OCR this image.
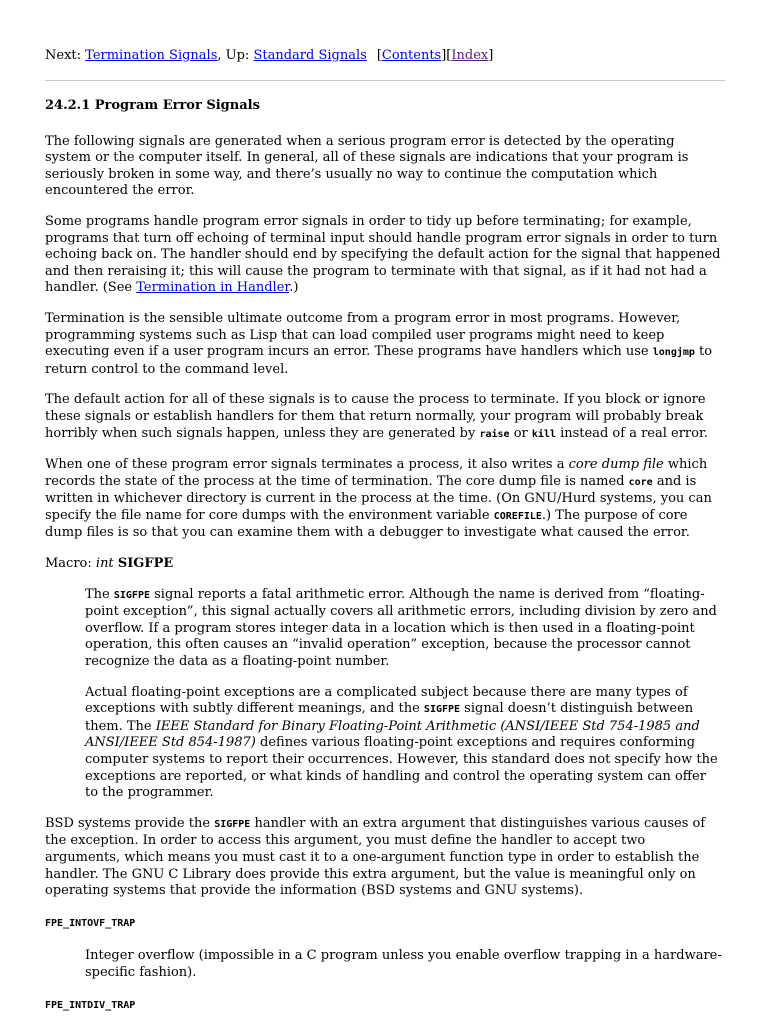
Next: Termination Signals, Up: Standard Signals [Contents][Index]
24.2.1 Program Error Signals

The following signals are generated when a serious program error is detected by the operating system or the computer itself. In general, all of these signals are indications that your program is seriously broken in some way, and there’s usually no way to continue the computation which encountered the error.

Some programs handle program error signals in order to tidy up before terminating; for example, programs that turn off echoing of terminal input should handle program error signals in order to turn echoing back on. The handler should end by specifying the default action for the signal that happened and then reraising it; this will cause the program to terminate with that signal, as if it had not had a handler. (See Termination in Handler.)

Termination is the sensible ultimate outcome from a program error in most programs. However, programming systems such as Lisp that can load compiled user programs might need to keep executing even if a user program incurs an error. These programs have handlers which use longjmp to return control to the command level.

The default action for all of these signals is to cause the process to terminate. If you block or ignore these signals or establish handlers for them that return normally, your program will probably break horribly when such signals happen, unless they are generated by raise or kill instead of a real error.

When one of these program error signals terminates a process, it also writes a core dump file which records the state of the process at the time of termination. The core dump file is named core and is written in whichever directory is current in the process at the time. (On GNU/Hurd systems, you can specify the file name for core dumps with the environment variable COREFILE.) The purpose of core dump files is so that you can examine them with a debugger to investigate what caused the error.

Macro: int SIGFPE

The SIGFPE signal reports a fatal arithmetic error. Although the name is derived from “floating-point exception”, this signal actually covers all arithmetic errors, including division by zero and overflow. If a program stores integer data in a location which is then used in a floating-point operation, this often causes an “invalid operation” exception, because the processor cannot recognize the data as a floating-point number.

Actual floating-point exceptions are a complicated subject because there are many types of exceptions with subtly different meanings, and the SIGFPE signal doesn’t distinguish between them. The IEEE Standard for Binary Floating-Point Arithmetic (ANSI/IEEE Std 754-1985 and ANSI/IEEE Std 854-1987) defines various floating-point exceptions and requires conforming computer systems to report their occurrences. However, this standard does not specify how the exceptions are reported, or what kinds of handling and control the operating system can offer to the programmer.

BSD systems provide the SIGFPE handler with an extra argument that distinguishes various causes of the exception. In order to access this argument, you must define the handler to accept two arguments, which means you must cast it to a one-argument function type in order to establish the handler. The GNU C Library does provide this extra argument, but the value is meaningful only on operating systems that provide the information (BSD systems and GNU systems).

FPE_INTOVF_TRAP

Integer overflow (impossible in a C program unless you enable overflow trapping in a hardware-specific fashion).

FPE_INTDIV_TRAP
